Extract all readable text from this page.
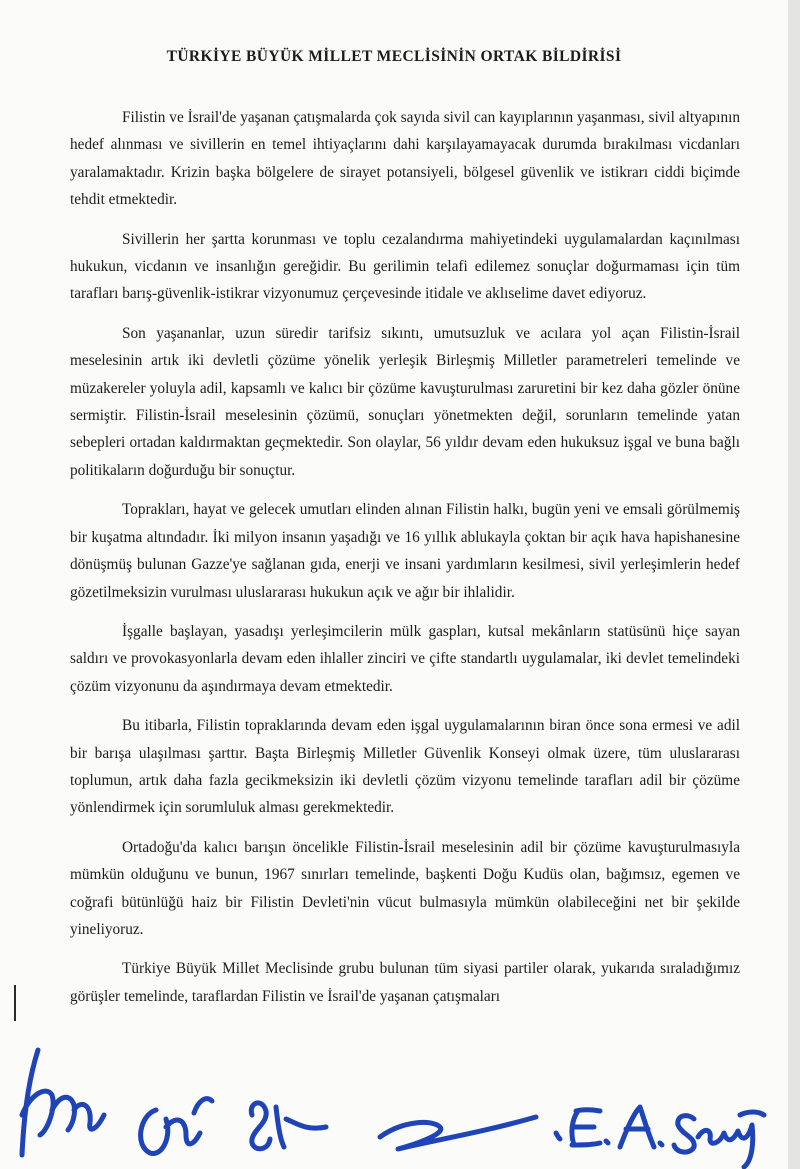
TÜRKİYE BÜYÜK MİLLET MECLİSİNİN ORTAK BİLDİRİSİ

Filistin ve İsrail'de yaşanan çatışmalarda çok sayıda sivil can kayıplarının yaşanması, sivil altyapının hedef alınması ve sivillerin en temel ihtiyaçlarını dahi karşılayamayacak durumda bırakılması vicdanları yaralamaktadır. Krizin başka bölgelere de sirayet potansiyeli, bölgesel güvenlik ve istikrarı ciddi biçimde tehdit etmektedir.

Sivillerin her şartta korunması ve toplu cezalandırma mahiyetindeki uygulamalardan kaçınılması hukukun, vicdanın ve insanlığın gereğidir. Bu gerilimin telafi edilemez sonuçlar doğurmaması için tüm tarafları barış-güvenlik-istikrar vizyonumuz çerçevesinde itidale ve aklıselime davet ediyoruz.

Son yaşananlar, uzun süredir tarifsiz sıkıntı, umutsuzluk ve acılara yol açan Filistin-İsrail meselesinin artık iki devletli çözüme yönelik yerleşik Birleşmiş Milletler parametreleri temelinde ve müzakereler yoluyla adil, kapsamlı ve kalıcı bir çözüme kavuşturulması zaruretini bir kez daha gözler önüne sermiştir. Filistin-İsrail meselesinin çözümü, sonuçları yönetmekten değil, sorunların temelinde yatan sebepleri ortadan kaldırmaktan geçmektedir. Son olaylar, 56 yıldır devam eden hukuksuz işgal ve buna bağlı politikaların doğurduğu bir sonuçtur.

Toprakları, hayat ve gelecek umutları elinden alınan Filistin halkı, bugün yeni ve emsali görülmemiş bir kuşatma altındadır. İki milyon insanın yaşadığı ve 16 yıllık ablukayla çoktan bir açık hava hapishanesine dönüşmüş bulunan Gazze'ye sağlanan gıda, enerji ve insani yardımların kesilmesi, sivil yerleşimlerin hedef gözetilmeksizin vurulması uluslararası hukukun açık ve ağır bir ihlalidir.

İşgalle başlayan, yasadışı yerleşimcilerin mülk gaspları, kutsal mekânların statüsünü hiçe sayan saldırı ve provokasyonlarla devam eden ihlaller zinciri ve çifte standartlı uygulamalar, iki devlet temelindeki çözüm vizyonunu da aşındırmaya devam etmektedir.

Bu itibarla, Filistin topraklarında devam eden işgal uygulamalarının biran önce sona ermesi ve adil bir barışa ulaşılması şarttır. Başta Birleşmiş Milletler Güvenlik Konseyi olmak üzere, tüm uluslararası toplumun, artık daha fazla gecikmeksizin iki devletli çözüm vizyonu temelinde tarafları adil bir çözüme yönlendirmek için sorumluluk alması gerekmektedir.

Ortadoğu'da kalıcı barışın öncelikle Filistin-İsrail meselesinin adil bir çözüme kavuşturulmasıyla mümkün olduğunu ve bunun, 1967 sınırları temelinde, başkenti Doğu Kudüs olan, bağımsız, egemen ve coğrafi bütünlüğü haiz bir Filistin Devleti'nin vücut bulmasıyla mümkün olabileceğini net bir şekilde yineliyoruz.

Türkiye Büyük Millet Meclisinde grubu bulunan tüm siyasi partiler olarak, yukarıda sıraladığımız görüşler temelinde, taraflardan Filistin ve İsrail'de yaşanan çatışmaları
